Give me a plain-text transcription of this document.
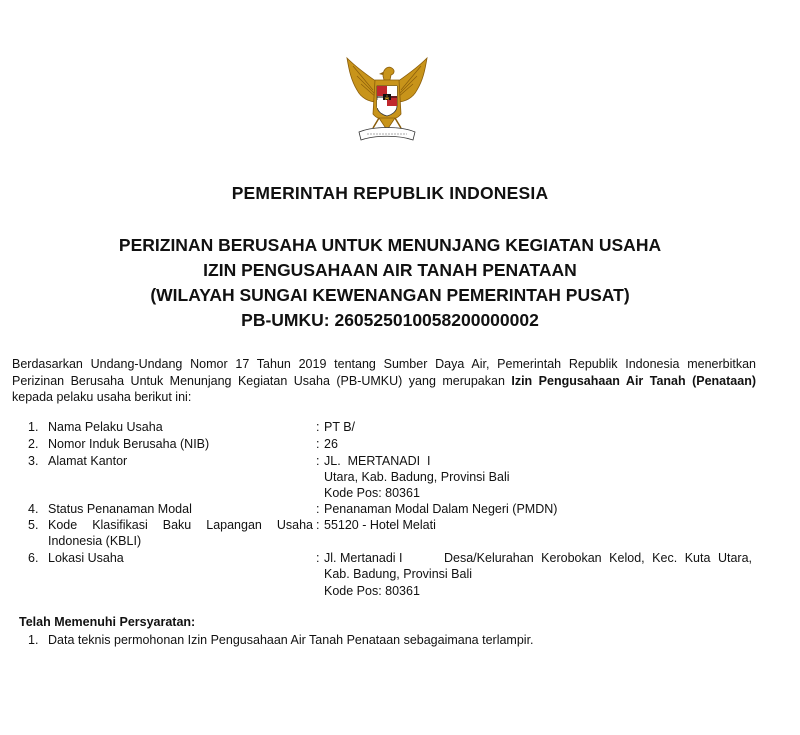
PEMERINTAH REPUBLIK INDONESIA
PERIZINAN BERUSAHA UNTUK MENUNJANG KEGIATAN USAHA
IZIN PENGUSAHAAN AIR TANAH PENATAAN
(WILAYAH SUNGAI KEWENANGAN PEMERINTAH PUSAT)
PB-UMKU: 260525010058200000002
Berdasarkan Undang-Undang Nomor 17 Tahun 2019 tentang Sumber Daya Air, Pemerintah Republik Indonesia menerbitkan
Perizinan Berusaha Untuk Menunjang Kegiatan Usaha (PB-UMKU) yang merupakan Izin Pengusahaan Air Tanah (Penataan)
kepada pelaku usaha berikut ini:
1. Nama Pelaku Usaha	: PT B/
2. Nomor Induk Berusaha (NIB)	: 26
3. Alamat Kantor	: JL.  MERTANADI  I
Utara, Kab. Badung, Provinsi Bali
Kode Pos: 80361
4. Status Penanaman Modal	: Penanaman Modal Dalam Negeri (PMDN)
5. Kode  Klasifikasi  Baku  Lapangan  Usaha : 55120 - Hotel Melati
Indonesia (KBLI)
6. Lokasi Usaha	: Jl. Mertanadi I	Desa/Kelurahan Kerobokan Kelod, Kec. Kuta Utara,
Kab. Badung, Provinsi Bali
Kode Pos: 80361
Telah Memenuhi Persyaratan:
1. Data teknis permohonan Izin Pengusahaan Air Tanah Penataan sebagaimana terlampir.
